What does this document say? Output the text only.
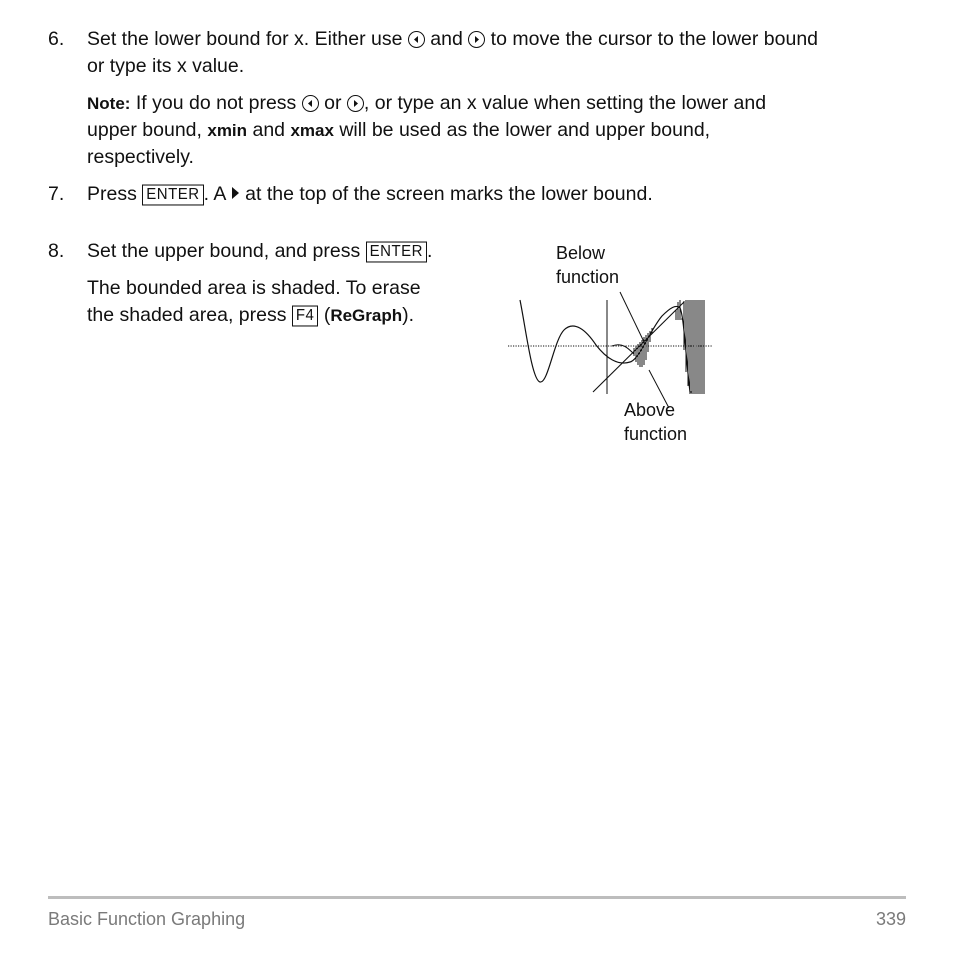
6. Set the lower bound for x. Either use and to move the cursor to the lower bound
or type its x value.
Note: If you do not press or , or type an x value when setting the lower and
upper bound, xmin and xmax will be used as the lower and upper bound,
respectively.
7. Press ENTER . A at the top of the screen marks the lower bound.
8. Set the upper bound, and press ENTER .
The bounded area is shaded. To erase
the shaded area, press F4 (ReGraph).
Below
function
Above
function
Basic Function Graphing	339
